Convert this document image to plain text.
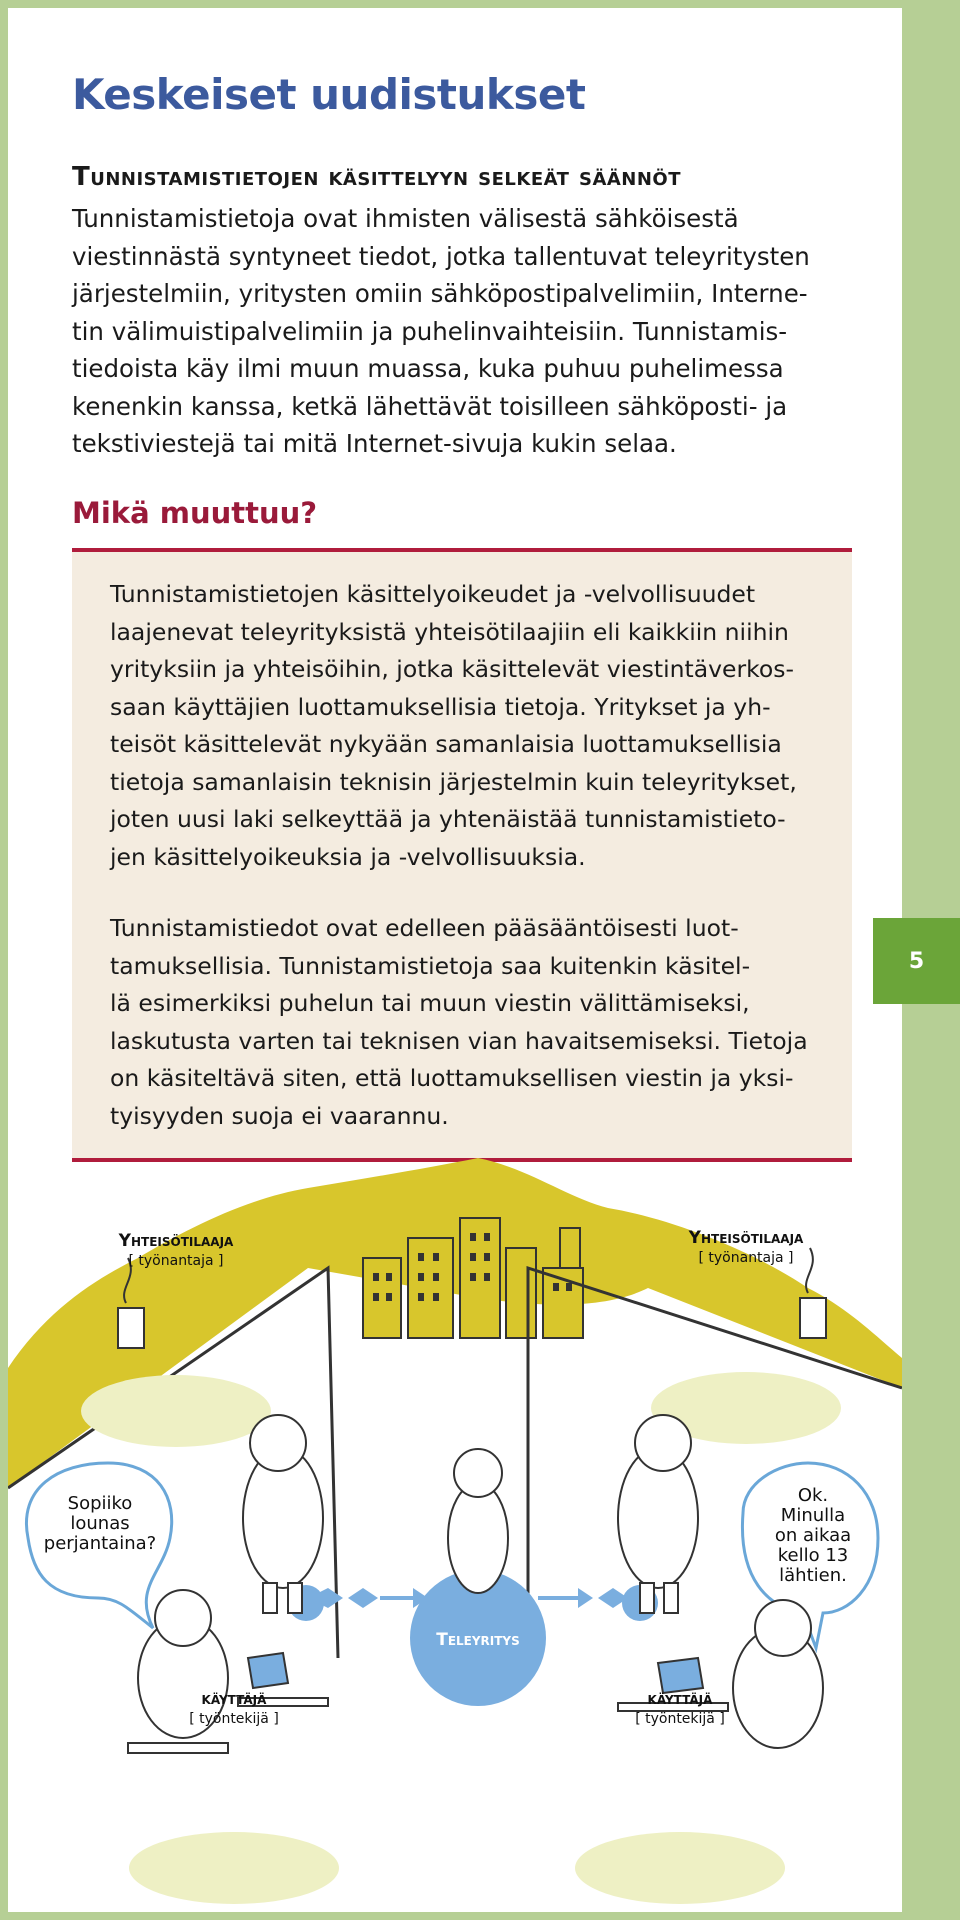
Keskeiset uudistukset
Tunnistamistietojen käsittelyyn selkeät säännöt
Tunnistamistietoja ovat ihmisten välisestä sähköisestä
viestinnästä syntyneet tiedot, jotka tallentuvat teleyritysten
järjestelmiin, yritysten omiin sähköpostipalvelimiin, Interne-
tin välimuistipalvelimiin ja puhelinvaihteisiin. Tunnistamis-
tiedoista käy ilmi muun muassa, kuka puhuu puhelimessa
kenenkin kanssa, ketkä lähettävät toisilleen sähköposti- ja
tekstiviestejä tai mitä Internet-sivuja kukin selaa.
Mikä muuttuu?

Tunnistamistietojen käsittelyoikeudet ja -velvollisuudet
laajenevat teleyrityksistä yhteisötilaajiin eli kaikkiin niihin
yrityksiin ja yhteisöihin, jotka käsittelevät viestintäverkos-
saan käyttäjien luottamuksellisia tietoja. Yritykset ja yh-
teisöt käsittelevät nykyään samanlaisia luottamuksellisia
tietoja samanlaisin teknisin järjestelmin kuin teleyritykset,
joten uusi laki selkeyttää ja yhtenäistää tunnistamistieto-
jen käsittelyoikeuksia ja -velvollisuuksia.

Tunnistamistiedot ovat edelleen pääsääntöisesti luot-
tamuksellisia. Tunnistamistietoja saa kuitenkin käsitel-
lä esimerkiksi puhelun tai muun viestin välittämiseksi,
laskutusta varten tai teknisen vian havaitsemiseksi. Tietoja
on käsiteltävä siten, että luottamuksellisen viestin ja yksi-
tyisyyden suoja ei vaarannu.

Yhteisötilaaja
[ työnantaja ]
Yhteisötilaaja
[ työnantaja ]
käyttäjä
[ työntekijä ]
käyttäjä
[ työntekijä ]
Sopiiko
lounas
perjantaina?
Ok.
Minulla
on aikaa
kello 13
lähtien.
Teleyritys
5
